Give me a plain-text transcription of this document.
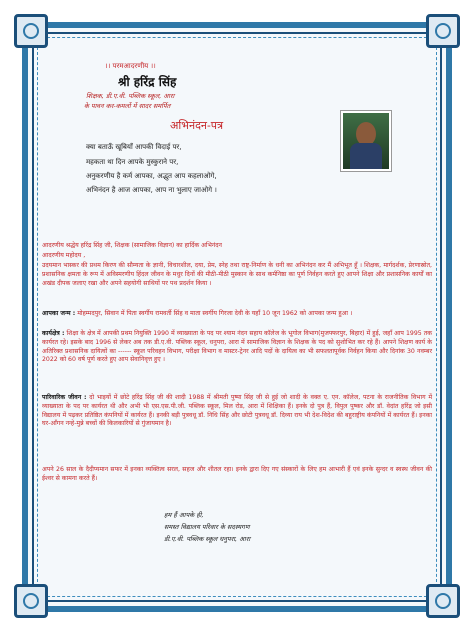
।। परमआदरणीय ।।
श्री हरिंद्र सिंह
शिक्षक, डी.ए.वी. पब्लिक स्कूल, आरा
के पावन कर-कमलों में सादर समर्पित
अभिनंदन-पत्र
क्या बताऊँ खूबियाँ आपकी विदाई पर,
महकता था दिन आपके मुस्कुराने पर,
अनुकरणीय है कर्म आपका, अद्भुत आप कहलाओगे,
अभिनंदन है आज आपका, आप ना भुलाए जाओगे ।
आदरणीय श्रद्धेय हरिंद्र सिंह जी, शिक्षक (सामाजिक विज्ञान) का हार्दिक अभिनंदन
आदरणीय महोदय ,
उदयमान भास्कर की प्रथम किरण की सौम्यता के ज्ञानी, विचारशील, दया, प्रेम, स्नेह तथा राष्ट्र-निर्माण के धनी का अभिनंदन कर मैं अभिभूत हूँ । शिक्षक, मार्गदर्शक, प्रेरणास्रोत, प्रशासनिक क्षमता के रूप में अविस्मरणीय हिंदल जीवन के मधुर दिनों की मीठी-मीठी मुस्कान के साथ कर्मनिष्ठा का पूर्ण निर्वहन करते हुए आपने शिक्षा और प्रशासनिक कार्यों का अखंड दीपक जलाए रखा और अपने सहयोगी साथियों पर पथ प्रदर्शन किया ।
आपका जन्म : मोहम्मदपुर, सिवान में पिता स्वर्गीय रामवर्ती सिंह व माता स्वर्गीय गिरजा देवी के यहाँ 10 जून 1962 को आपका जन्म हुआ ।
कार्यक्षेत्र : शिक्षा के क्षेत्र में आपकी प्रथम नियुक्ति 1990 में व्याख्याता के पद पर श्याम नंदन सहाय कॉलेज के भूगोल विभाग(मुजफ्फरपुर, बिहार) में हुई, जहाँ आप 1995 तक कार्यरत रहे। इसके बाद 1996 से लेकर अब तक डी.ए.वी. पब्लिक स्कूल, धनुपरा, आरा में सामाजिक विज्ञान के शिक्षक के पद को सुशोभित कर रहे हैं। आपने शिक्षण कार्य के अतिरिक्त प्रशासनिक दायित्वों का ------ स्कूल परिवहन विभाग, परीक्षा विभाग व मास्टर-ट्रेनर आदि पदों के दायित्व का भी सफलतापूर्वक निर्वहन किया और दिनांक 30 नवम्बर 2022 को 60 वर्ष पूर्ण करते हुए आप सेवानिवृत्त हुए ।
पारिवारिक जीवन : दो भाइयों में छोटे हरिंद्र सिंह जी की शादी 1988 में श्रीमती पुष्पा सिंह जी से हुई जो शादी के वक्त ए. एन. कॉलेज, पटना के राजनीतिक विभाग में व्याख्याता के पद पर कार्यरत थी और अभी भी एस.एस.पी.जी. पब्लिक स्कूल, मिल रोड, आरा में शिक्षिका हैं। इनके दो पुत्र हैं, विपुल पुष्कर और डॉ. वेदांत हरिंद्र जो इसी विद्यालय में पढ़कर प्रतिष्ठित कंपनियों में कार्यरत हैं। इनकी बड़ी पुत्रवधू डॉ. निधि सिंह और छोटी पुत्रवधू डॉ. दिव्या राय भी देश-विदेश की बहुराष्ट्रीय कंपनियों में कार्यरत हैं। इनका घर-आँगन नन्हे-मुन्ने बच्चों की किलकारियों से गुंजायमान है।
अपने 26 साल के दैदीप्यमान सफर में इनका व्यक्तित्व सरल, सहज और शीतल रहा। इनके द्वारा दिए गए संस्कारों के लिए हम आभारी हैं एवं इनके सुन्दर व स्वस्थ जीवन की ईश्वर से कामना करते हैं।
हम हैं आपके ही,
समस्त विद्यालय परिवार के सदस्यगण
डी.ए.वी. पब्लिक स्कूल धनुपरा, आरा
